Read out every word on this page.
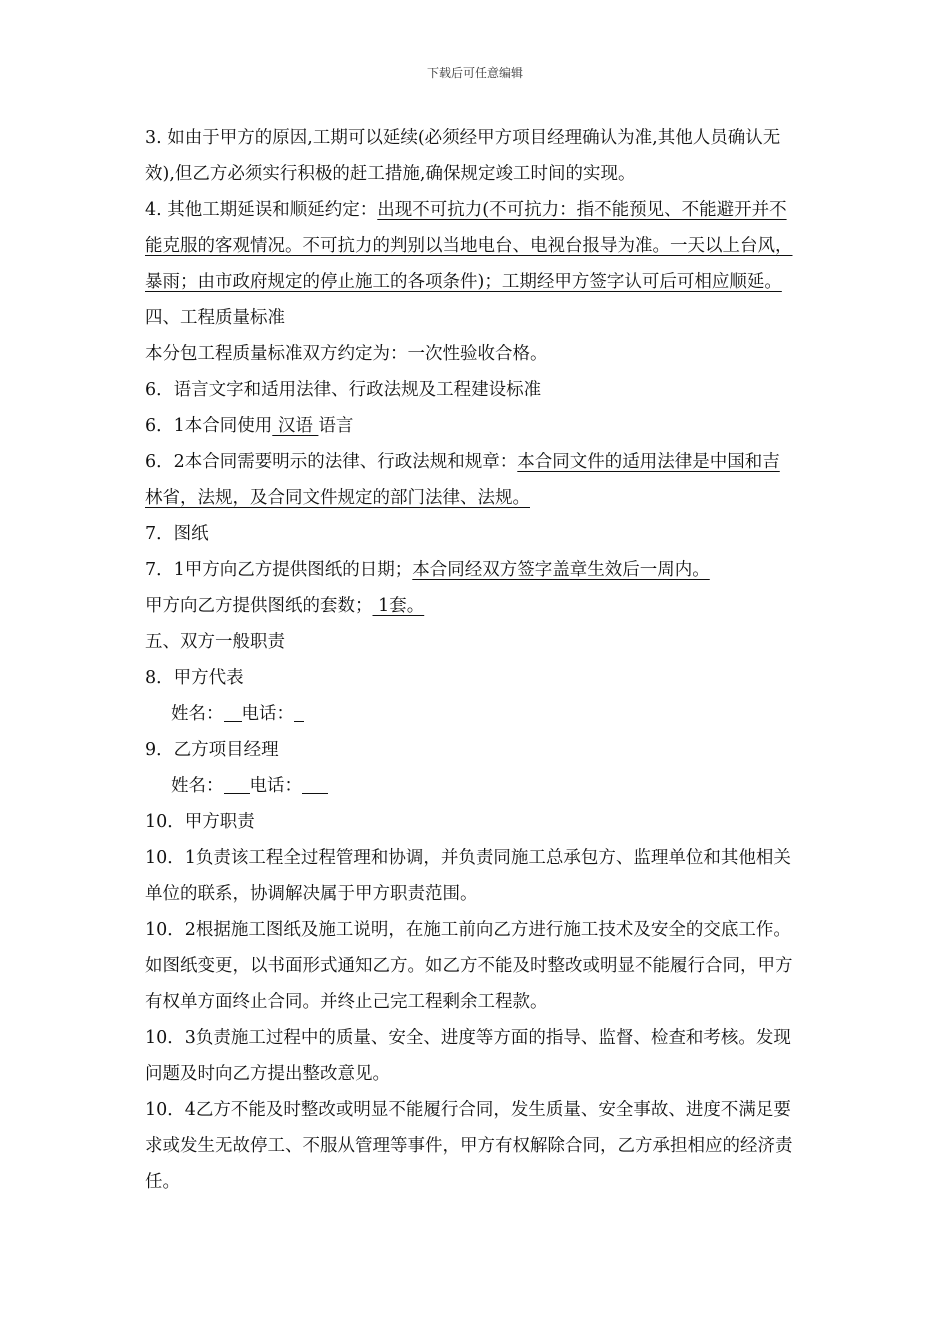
下载后可任意编辑
3. 如由于甲方的原因,工期可以延续(必须经甲方项目经理确认为准,其他人员确认无
效),但乙方必须实行积极的赶工措施,确保规定竣工时间的实现。
4. 其他工期延误和顺延约定：出现不可抗力(不可抗力：指不能预见、不能避开并不
能克服的客观情况。不可抗力的判别以当地电台、电视台报导为准。一天以上台风，
暴雨；由市政府规定的停止施工的各项条件)；工期经甲方签字认可后可相应顺延。
四、工程质量标准
本分包工程质量标准双方约定为：一次性验收合格。
6．语言文字和适用法律、行政法规及工程建设标准
6．1本合同使用 汉语 语言
6．2本合同需要明示的法律、行政法规和规章：本合同文件的适用法律是中国和吉
林省，法规，及合同文件规定的部门法律、法规。
7．图纸
7．1甲方向乙方提供图纸的日期；本合同经双方签字盖章生效后一周内。
甲方向乙方提供图纸的套数； 1套。
五、双方一般职责
8．甲方代表
姓名： 电话：
9．乙方项目经理
姓名： 电话：
10．甲方职责
10．1负责该工程全过程管理和协调，并负责同施工总承包方、监理单位和其他相关
单位的联系，协调解决属于甲方职责范围。
10．2根据施工图纸及施工说明，在施工前向乙方进行施工技术及安全的交底工作。
如图纸变更，以书面形式通知乙方。如乙方不能及时整改或明显不能履行合同，甲方
有权单方面终止合同。并终止己完工程剩余工程款。
10．3负责施工过程中的质量、安全、进度等方面的指导、监督、检查和考核。发现
问题及时向乙方提出整改意见。
10．4乙方不能及时整改或明显不能履行合同，发生质量、安全事故、进度不满足要
求或发生无故停工、不服从管理等事件，甲方有权解除合同，乙方承担相应的经济责
任。
